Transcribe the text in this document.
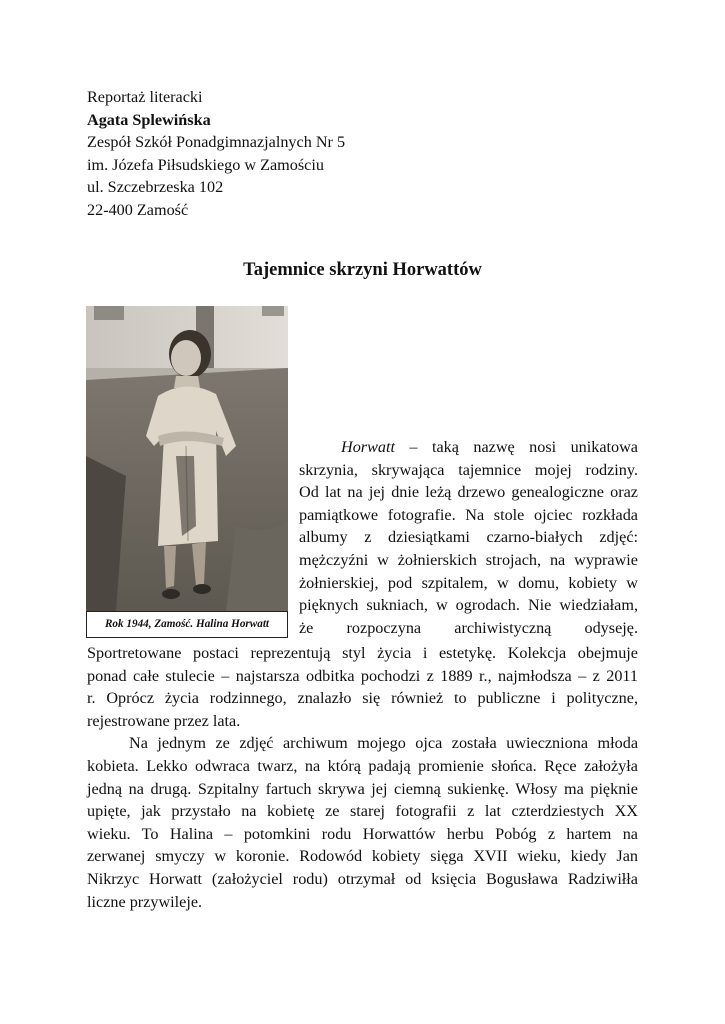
Reportaż literacki
Agata Splewińska
Zespół Szkół Ponadgimnazjalnych Nr 5
im. Józefa Piłsudskiego w Zamościu
ul. Szczebrzeska 102
22-400 Zamość
Tajemnice skrzyni Horwattów
Rok 1944, Zamość. Halina Horwatt
Horwatt – taką nazwę nosi unikatowa
skrzynia, skrywająca tajemnice mojej rodziny.
Od lat na jej dnie leżą drzewo genealogiczne oraz
pamiątkowe fotografie. Na stole ojciec rozkłada
albumy z dziesiątkami czarno-białych zdjęć:
mężczyźni w żołnierskich strojach, na wyprawie
żołnierskiej, pod szpitalem, w domu, kobiety w
pięknych sukniach, w ogrodach. Nie wiedziałam,
że rozpoczyna archiwistyczną odyseję.
Sportretowane postaci reprezentują styl życia i estetykę. Kolekcja obejmuje
ponad całe stulecie – najstarsza odbitka pochodzi z 1889 r., najmłodsza – z 2011
r. Oprócz życia rodzinnego, znalazło się również to publiczne i polityczne,
rejestrowane przez lata.
Na jednym ze zdjęć archiwum mojego ojca została uwieczniona młoda
kobieta. Lekko odwraca twarz, na którą padają promienie słońca. Ręce założyła
jedną na drugą. Szpitalny fartuch skrywa jej ciemną sukienkę. Włosy ma pięknie
upięte, jak przystało na kobietę ze starej fotografii z lat czterdziestych XX
wieku. To Halina – potomkini rodu Horwattów herbu Pobóg z hartem na
zerwanej smyczy w koronie. Rodowód kobiety sięga XVII wieku, kiedy Jan
Nikrzyc Horwatt (założyciel rodu) otrzymał od księcia Bogusława Radziwiłła
liczne przywileje.
